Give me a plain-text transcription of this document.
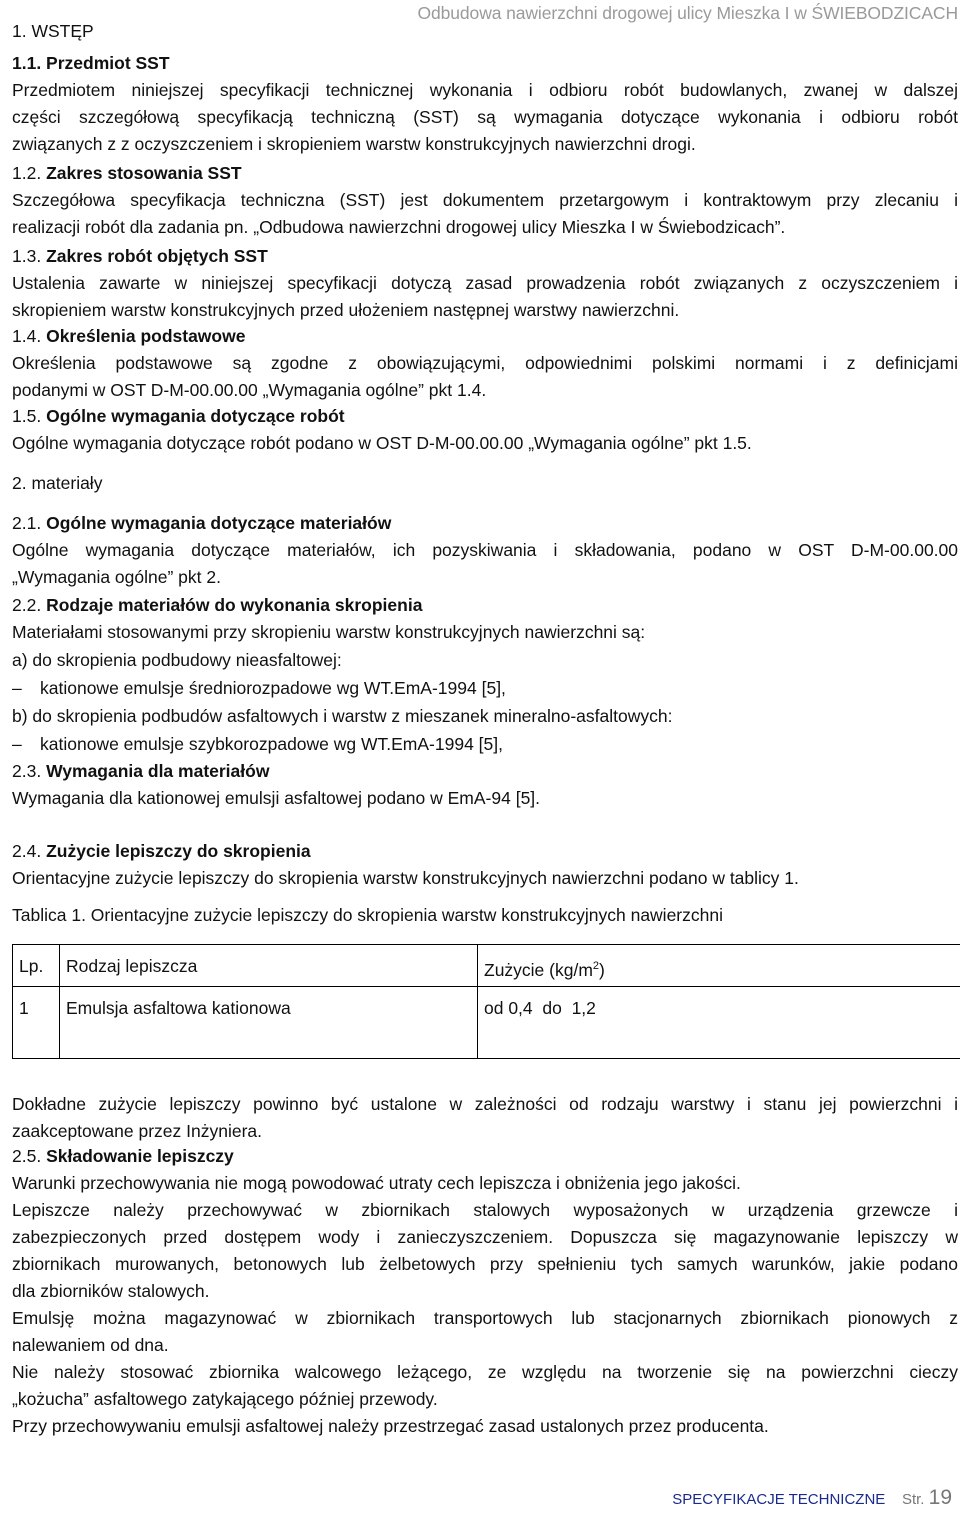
Odbudowa nawierzchni drogowej ulicy Mieszka I w ŚWIEBODZICACH
1. WSTĘP
1.1. Przedmiot SST
Przedmiotem niniejszej specyfikacji technicznej wykonania i odbioru robót budowlanych, zwanej w dalszej
części szczegółową specyfikacją techniczną (SST) są wymagania dotyczące wykonania i odbioru robót
związanych z z oczyszczeniem i skropieniem warstw konstrukcyjnych nawierzchni drogi.
1.2. Zakres stosowania SST
Szczegółowa specyfikacja techniczna (SST) jest dokumentem przetargowym i kontraktowym przy zlecaniu i
realizacji robót dla zadania pn. „Odbudowa nawierzchni drogowej ulicy Mieszka I w Świebodzicach”.
1.3. Zakres robót objętych SST
Ustalenia zawarte w niniejszej specyfikacji dotyczą zasad prowadzenia robót związanych z oczyszczeniem i
skropieniem warstw konstrukcyjnych przed ułożeniem następnej warstwy nawierzchni.
1.4. Określenia podstawowe
Określenia podstawowe są zgodne z obowiązującymi, odpowiednimi polskimi normami i z definicjami
podanymi w OST D-M-00.00.00 „Wymagania ogólne” pkt 1.4.
1.5. Ogólne wymagania dotyczące robót
Ogólne wymagania dotyczące robót podano w OST D-M-00.00.00 „Wymagania ogólne” pkt 1.5.
2. materiały
2.1. Ogólne wymagania dotyczące materiałów
Ogólne wymagania dotyczące materiałów, ich pozyskiwania i składowania, podano w OST D-M-00.00.00
„Wymagania ogólne” pkt 2.
2.2. Rodzaje materiałów do wykonania skropienia
Materiałami stosowanymi przy skropieniu warstw konstrukcyjnych nawierzchni są:
a) do skropienia podbudowy nieasfaltowej:
– kationowe emulsje średniorozpadowe wg WT.EmA-1994 [5],
b) do skropienia podbudów asfaltowych i warstw z mieszanek mineralno-asfaltowych:
– kationowe emulsje szybkorozpadowe wg WT.EmA-1994 [5],
2.3. Wymagania dla materiałów
Wymagania dla kationowej emulsji asfaltowej podano w EmA-94 [5].
2.4. Zużycie lepiszczy do skropienia
Orientacyjne zużycie lepiszczy do skropienia warstw konstrukcyjnych nawierzchni podano w tablicy 1.
Tablica 1. Orientacyjne zużycie lepiszczy do skropienia warstw konstrukcyjnych nawierzchni
Lp.	Rodzaj lepiszcza	Zużycie $(kg/m^2)$
1	Emulsja asfaltowa kationowa	od 0,4  do  1,2
Dokładne zużycie lepiszczy powinno być ustalone w zależności od rodzaju warstwy i stanu jej powierzchni i
zaakceptowane przez Inżyniera.
2.5. Składowanie lepiszczy
Warunki przechowywania nie mogą powodować utraty cech lepiszcza i obniżenia jego jakości.
Lepiszcze należy przechowywać w zbiornikach stalowych wyposażonych w urządzenia grzewcze i
zabezpieczonych przed dostępem wody i zanieczyszczeniem. Dopuszcza się magazynowanie lepiszczy w
zbiornikach murowanych, betonowych lub żelbetowych przy spełnieniu tych samych warunków, jakie podano
dla zbiorników stalowych.
Emulsję można magazynować w zbiornikach transportowych lub stacjonarnych zbiornikach pionowych z
nalewaniem od dna.
Nie należy stosować zbiornika walcowego leżącego, ze względu na tworzenie się na powierzchni cieczy
„kożucha” asfaltowego zatykającego później przewody.
Przy przechowywaniu emulsji asfaltowej należy przestrzegać zasad ustalonych przez producenta.
SPECYFIKACJE TECHNICZNE Str. 19
